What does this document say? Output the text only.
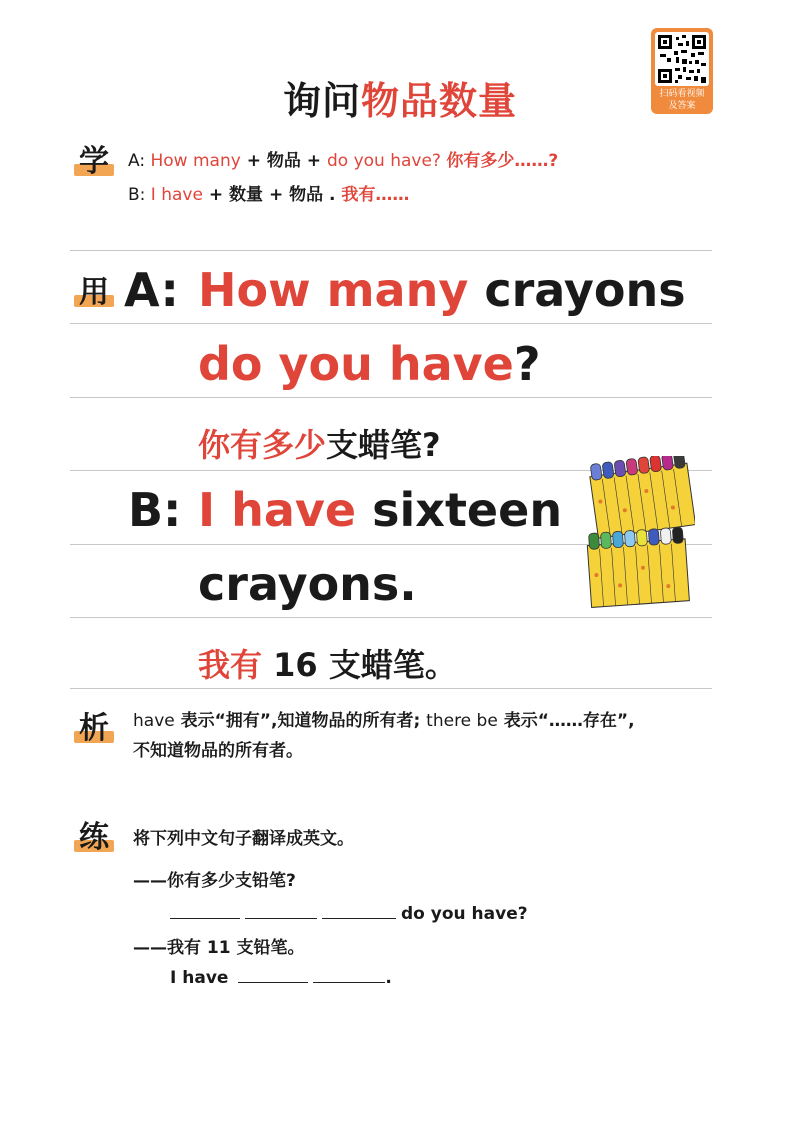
询问物品数量	扫码看视频
及答案
学 A: How many + 物品 + do you have? 你有多少……?
B: I have + 数量 + 物品 . 我有……
用 A: How many crayons
do you have?
你有多少支蜡笔?
B: I have sixteen
crayons.
我有 16 支蜡笔。
析 have 表示“拥有”,知道物品的所有者; there be 表示“……存在”,
不知道物品的所有者。
练 将下列中文句子翻译成英文。
——你有多少支铅笔?
do you have?
——我有 11 支铅笔。
I have	.
